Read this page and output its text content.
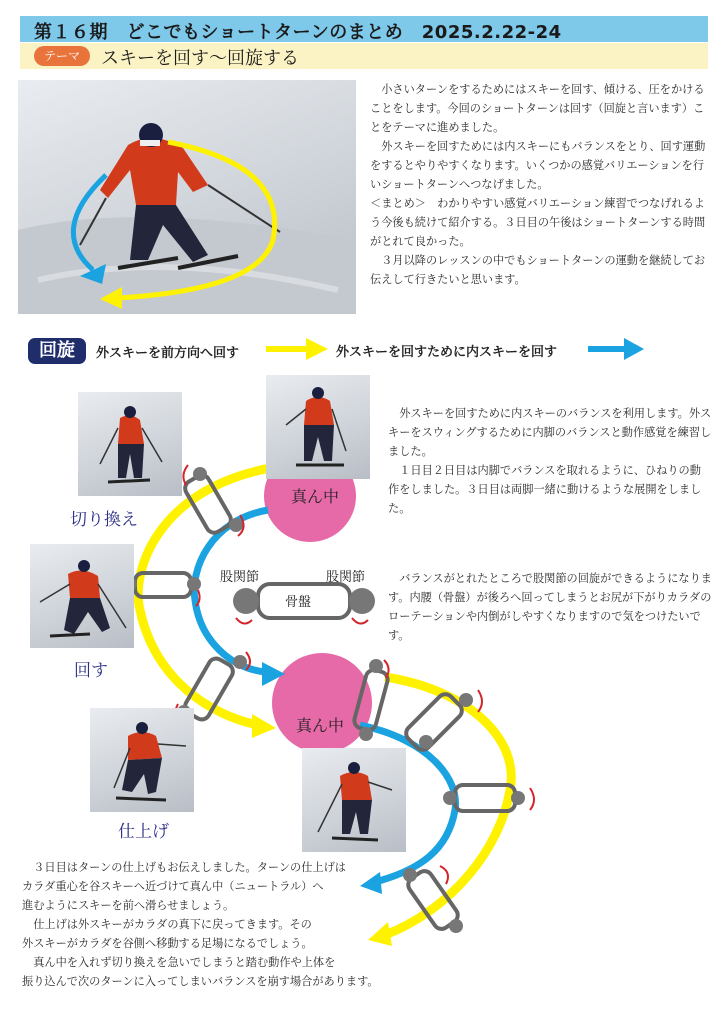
第１６期　どこでもショートターンのまとめ　2025.2.22-24
テーマ	スキーを回す〜回旋する

小さいターンをするためにはスキーを回す、傾ける、圧をかけることをします。今回のショートターンは回す（回旋と言います）ことをテーマに進めました。

外スキーを回すためには内スキーにもバランスをとり、回す運動をするとやりやすくなります。いくつかの感覚バリエーションを行いショートターンへつなげました。

＜まとめ＞　わかりやすい感覚バリエーション練習でつなげれるよう今後も続けて紹介する。３日目の午後はショートターンする時間がとれて良かった。

３月以降のレッスンの中でもショートターンの運動を継続してお伝えして行きたいと思います。

回旋	外スキーを前方向へ回す	外スキーを回すために内スキーを回す
真ん中
真ん中
股関節	股関節
骨盤
切り換え
回す
仕上げ

外スキーを回すために内スキーのバランスを利用します。外スキーをスウィングするために内脚のバランスと動作感覚を練習しました。

１日目２日目は内脚でバランスを取れるように、ひねりの動作をしました。３日目は両脚一緒に動けるような展開をしました。

バランスがとれたところで股関節の回旋ができるようになります。内腰（骨盤）が後ろへ回ってしまうとお尻が下がりカラダのローテーションや内倒がしやすくなりますので気をつけたいです。

３日目はターンの仕上げもお伝えしました。ターンの仕上げは

カラダ重心を谷スキーへ近づけて真ん中（ニュートラル）へ

進むようにスキーを前へ滑らせましょう。

仕上げは外スキーがカラダの真下に戻ってきます。その

外スキーがカラダを谷側へ移動する足場になるでしょう。

真ん中を入れず切り換えを急いでしまうと踏む動作や上体を

振り込んで次のターンに入ってしまいバランスを崩す場合があります。
